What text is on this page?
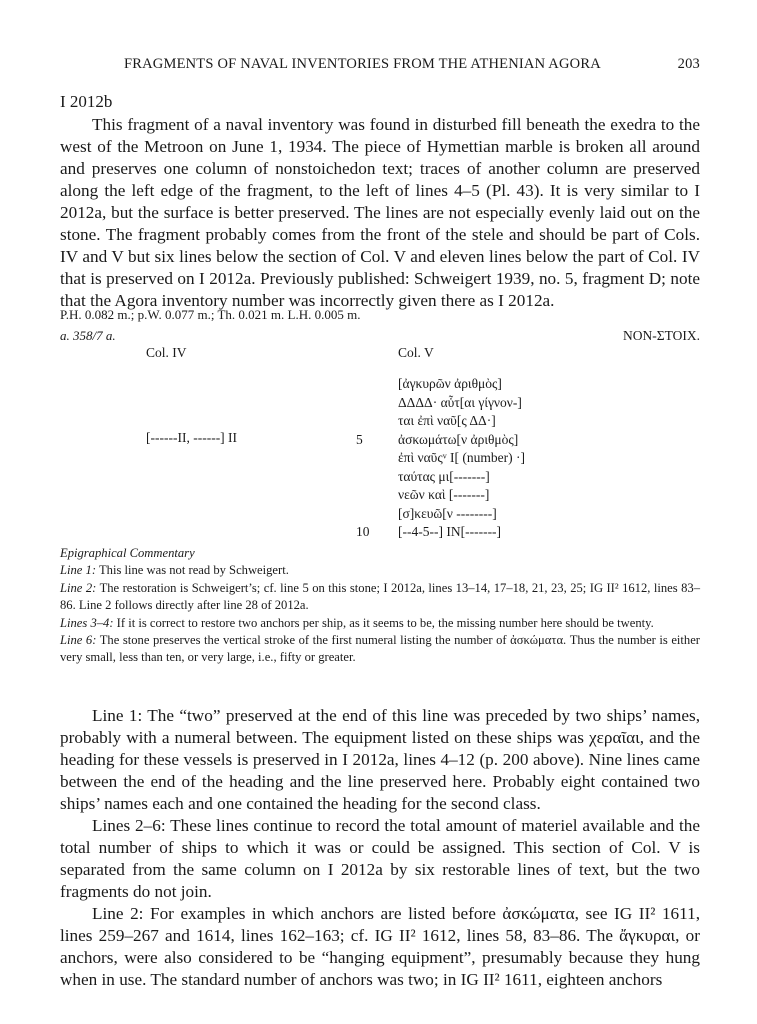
FRAGMENTS OF NAVAL INVENTORIES FROM THE ATHENIAN AGORA	203
I 2012b
This fragment of a naval inventory was found in disturbed fill beneath the exedra to the west of the Metroon on June 1, 1934. The piece of Hymettian marble is broken all around and preserves one column of nonstoichedon text; traces of another column are preserved along the left edge of the fragment, to the left of lines 4–5 (Pl. 43). It is very similar to I 2012a, but the surface is better preserved. The lines are not especially evenly laid out on the stone. The fragment probably comes from the front of the stele and should be part of Cols. IV and V but six lines below the section of Col. V and eleven lines below the part of Col. IV that is preserved on I 2012a. Previously published: Schweigert 1939, no. 5, fragment D; note that the Agora inventory number was incorrectly given there as I 2012a.
a. 358/7 a.
P.H. 0.082 m.; p.W. 0.077 m.; Th. 0.021 m. L.H. 0.005 m.
NON-ΣΤΟΙΧ.
Col. IV	Col. V
[------ΙΙ, ------] ΙΙ
[ἀγκυρῶν ἀριθμὸς]
ΔΔΔΔ· αὗτ[αι γίγνον-]
ται ἐπὶ ναῦ[ς ΔΔ·]
ἀσκωμάτω[ν ἀριθμὸς]
5
ἐπὶ ναῦςᵛ Ι[ (number) ·]
ταύτας μι[-------]
νεῶν καὶ [-------]
[σ]κευῶ[ν --------]
[--4-5--] ΙΝ[-------]
10
Epigraphical Commentary
Line 1: This line was not read by Schweigert.
Line 2: The restoration is Schweigert’s; cf. line 5 on this stone; I 2012a, lines 13–14, 17–18, 21, 23, 25; IG II² 1612, lines 83–86. Line 2 follows directly after line 28 of 2012a.
Lines 3–4: If it is correct to restore two anchors per ship, as it seems to be, the missing number here should be twenty.
Line 6: The stone preserves the vertical stroke of the first numeral listing the number of ἀσκώματα. Thus the number is either very small, less than ten, or very large, i.e., fifty or greater.

Line 1: The “two” preserved at the end of this line was preceded by two ships’ names, probably with a numeral between. The equipment listed on these ships was χεραῖαι, and the heading for these vessels is preserved in I 2012a, lines 4–12 (p. 200 above). Nine lines came between the end of the heading and the line preserved here. Probably eight contained two ships’ names each and one contained the heading for the second class.

Lines 2–6: These lines continue to record the total amount of materiel available and the total number of ships to which it was or could be assigned. This section of Col. V is separated from the same column on I 2012a by six restorable lines of text, but the two fragments do not join.

Line 2: For examples in which anchors are listed before ἀσκώματα, see IG II² 1611, lines 259–267 and 1614, lines 162–163; cf. IG II² 1612, lines 58, 83–86. The ἄγκυραι, or anchors, were also considered to be “hanging equipment”, presumably because they hung when in use. The standard number of anchors was two; in IG II² 1611, eighteen anchors
